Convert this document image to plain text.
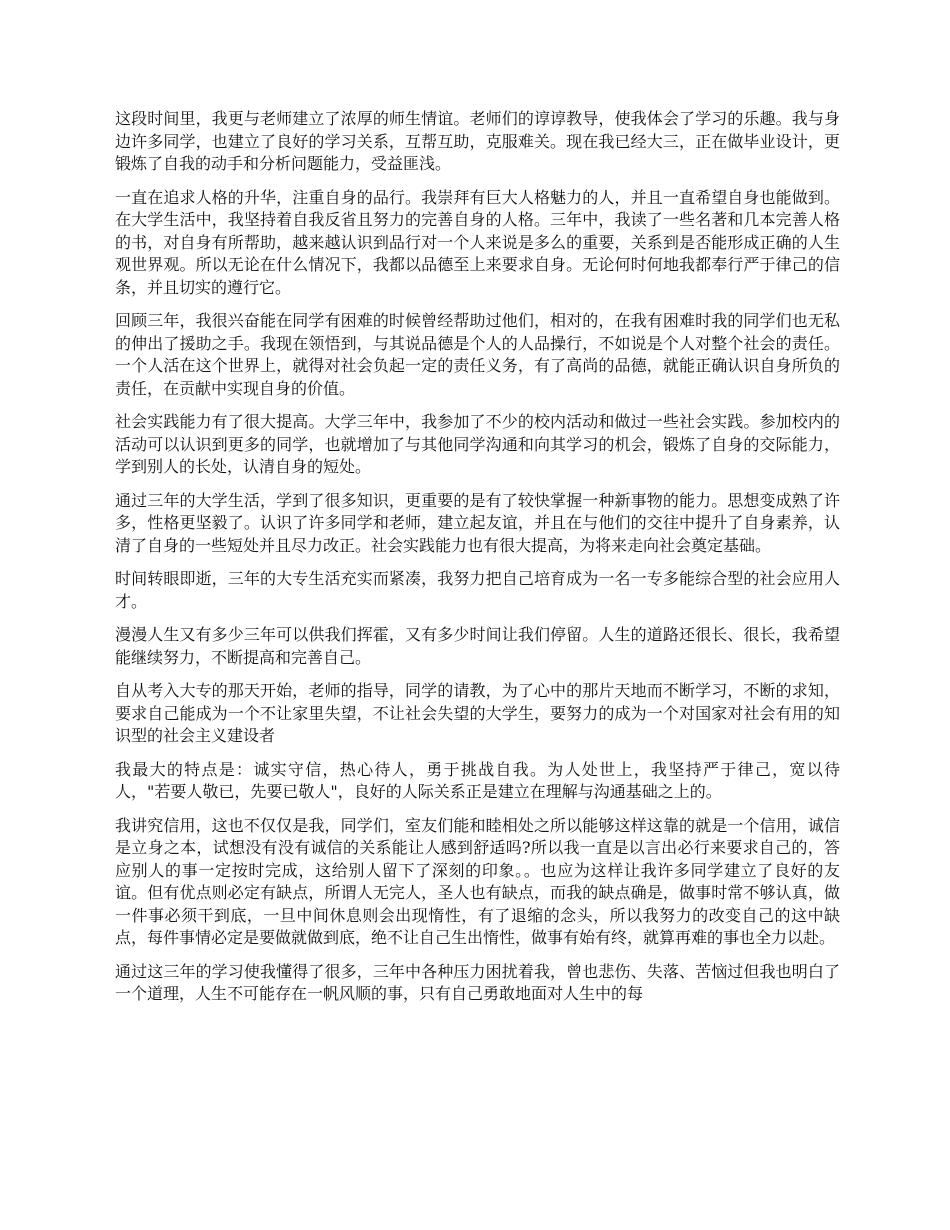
这段时间里，我更与老师建立了浓厚的师生情谊。老师们的谆谆教导，使我体会了学习的乐趣。我与身边许多同学，也建立了良好的学习关系，互帮互助，克服难关。现在我已经大三，正在做毕业设计，更锻炼了自我的动手和分析问题能力，受益匪浅。

一直在追求人格的升华，注重自身的品行。我崇拜有巨大人格魅力的人，并且一直希望自身也能做到。在大学生活中，我坚持着自我反省且努力的完善自身的人格。三年中，我读了一些名著和几本完善人格的书，对自身有所帮助，越来越认识到品行对一个人来说是多么的重要，关系到是否能形成正确的人生观世界观。所以无论在什么情况下，我都以品德至上来要求自身。无论何时何地我都奉行严于律己的信条，并且切实的遵行它。

回顾三年，我很兴奋能在同学有困难的时候曾经帮助过他们，相对的，在我有困难时我的同学们也无私的伸出了援助之手。我现在领悟到，与其说品德是个人的人品操行，不如说是个人对整个社会的责任。一个人活在这个世界上，就得对社会负起一定的责任义务，有了高尚的品德，就能正确认识自身所负的责任，在贡献中实现自身的价值。

社会实践能力有了很大提高。大学三年中，我参加了不少的校内活动和做过一些社会实践。参加校内的活动可以认识到更多的同学，也就增加了与其他同学沟通和向其学习的机会，锻炼了自身的交际能力，学到别人的长处，认清自身的短处。

通过三年的大学生活，学到了很多知识，更重要的是有了较快掌握一种新事物的能力。思想变成熟了许多，性格更坚毅了。认识了许多同学和老师，建立起友谊，并且在与他们的交往中提升了自身素养，认清了自身的一些短处并且尽力改正。社会实践能力也有很大提高，为将来走向社会奠定基础。

时间转眼即逝，三年的大专生活充实而紧凑，我努力把自己培育成为一名一专多能综合型的社会应用人才。

漫漫人生又有多少三年可以供我们挥霍，又有多少时间让我们停留。人生的道路还很长、很长，我希望能继续努力，不断提高和完善自己。

自从考入大专的那天开始，老师的指导，同学的请教，为了心中的那片天地而不断学习，不断的求知，要求自己能成为一个不让家里失望，不让社会失望的大学生，要努力的成为一个对国家对社会有用的知识型的社会主义建设者

我最大的特点是：诚实守信，热心待人，勇于挑战自我。为人处世上，我坚持严于律己，宽以待人，"若要人敬已，先要已敬人"，良好的人际关系正是建立在理解与沟通基础之上的。

我讲究信用，这也不仅仅是我，同学们，室友们能和睦相处之所以能够这样这靠的就是一个信用，诚信是立身之本，试想没有没有诚信的关系能让人感到舒适吗?所以我一直是以言出必行来要求自己的，答应别人的事一定按时完成，这给别人留下了深刻的印象。。也应为这样让我许多同学建立了良好的友谊。但有优点则必定有缺点，所谓人无完人，圣人也有缺点，而我的缺点确是，做事时常不够认真，做一件事必须干到底，一旦中间休息则会出现惰性，有了退缩的念头，所以我努力的改变自己的这中缺点，每件事情必定是要做就做到底，绝不让自己生出惰性，做事有始有终，就算再难的事也全力以赴。

通过这三年的学习使我懂得了很多，三年中各种压力困扰着我，曾也悲伤、失落、苦恼过但我也明白了一个道理，人生不可能存在一帆风顺的事，只有自己勇敢地面对人生中的每
